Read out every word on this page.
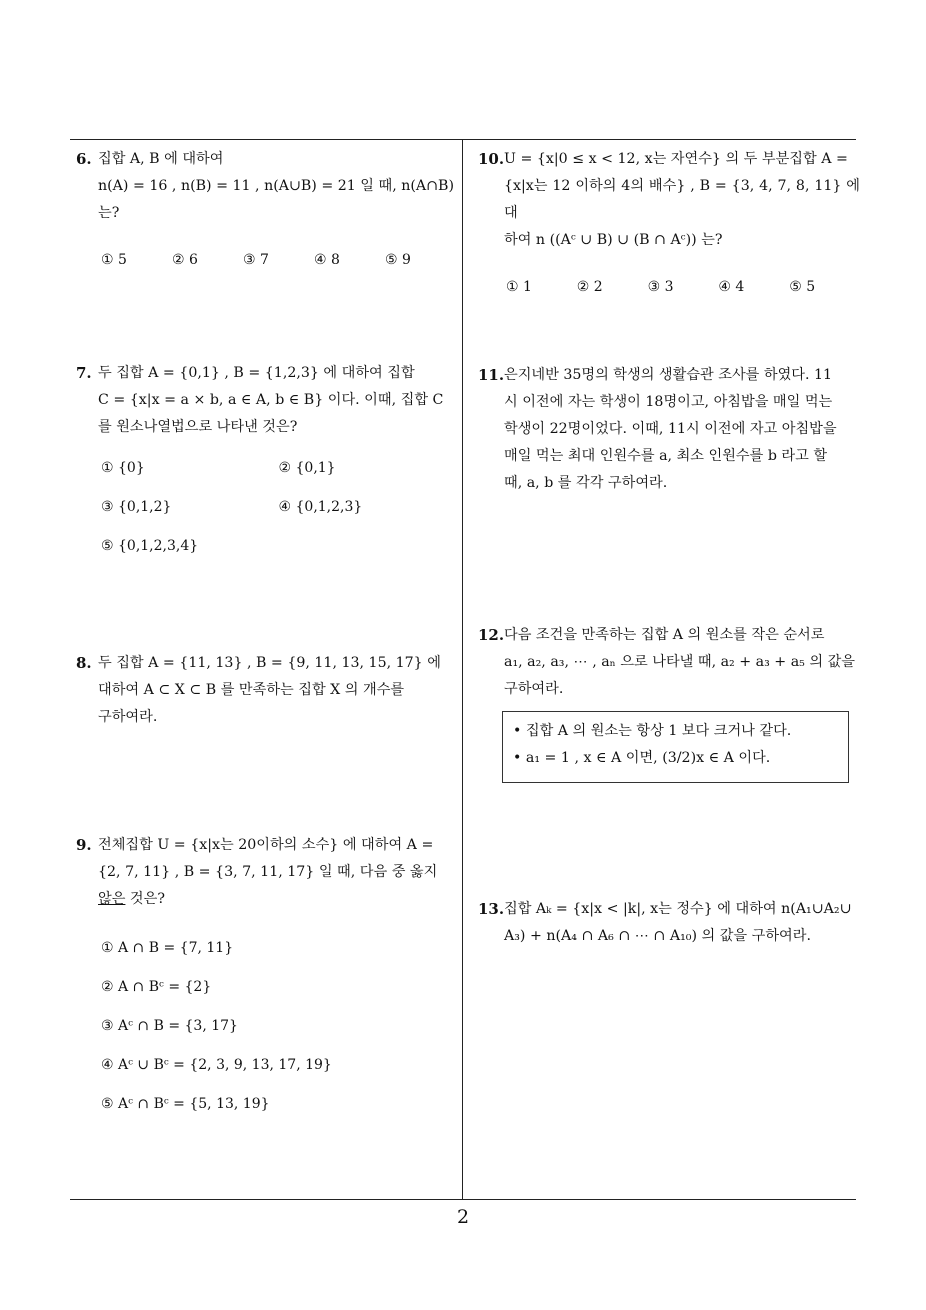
6. 집합 A, B 에 대하여
n(A) = 16 , n(B) = 11 , n(A∪B) = 21 일 때, n(A∩B)
는?
① 5	② 6	③ 7	④ 8	⑤ 9
7. 두 집합 A = {0,1} , B = {1,2,3} 에 대하여 집합
C = {x|x = a × b, a ∈ A, b ∈ B} 이다. 이때, 집합 C
를 원소나열법으로 나타낸 것은?
① {0}	② {0,1}
③ {0,1,2}	④ {0,1,2,3}
⑤ {0,1,2,3,4}
8. 두 집합 A = {11, 13} , B = {9, 11, 13, 15, 17} 에
대하여 A ⊂ X ⊂ B 를 만족하는 집합 X 의 개수를
구하여라.
9. 전체집합 U = {x|x는 20이하의 소수} 에 대하여 A =
{2, 7, 11} , B = {3, 7, 11, 17} 일 때, 다음 중 옳지
않은 것은?
① A ∩ B = {7, 11}
② A ∩ Bᶜ = {2}
③ Aᶜ ∩ B = {3, 17}
④ Aᶜ ∪ Bᶜ = {2, 3, 9, 13, 17, 19}
⑤ Aᶜ ∩ Bᶜ = {5, 13, 19}
10. U = {x|0 ≤ x < 12, x는 자연수} 의 두 부분집합 A =
{x|x는 12 이하의 4의 배수} , B = {3, 4, 7, 8, 11} 에 대
하여 n ((Aᶜ ∪ B) ∪ (B ∩ Aᶜ)) 는?
① 1	② 2	③ 3	④ 4	⑤ 5
11. 은지네반 35명의 학생의 생활습관 조사를 하였다. 11
시 이전에 자는 학생이 18명이고, 아침밥을 매일 먹는
학생이 22명이었다. 이때, 11시 이전에 자고 아침밥을
매일 먹는 최대 인원수를 a, 최소 인원수를 b 라고 할
때, a, b 를 각각 구하여라.
12. 다음 조건을 만족하는 집합 A 의 원소를 작은 순서로
a₁, a₂, a₃, ⋯ , aₙ 으로 나타낼 때, a₂ + a₃ + a₅ 의 값을
구하여라.
• 집합 A 의 원소는 항상 1 보다 크거나 같다.
• a₁ = 1 , x ∈ A 이면, (3/2)x ∈ A 이다.
13. 집합 Aₖ = {x|x < |k|, x는 정수} 에 대하여 n(A₁∪A₂∪
A₃) + n(A₄ ∩ A₆ ∩ ⋯ ∩ A₁₀) 의 값을 구하여라.
2
